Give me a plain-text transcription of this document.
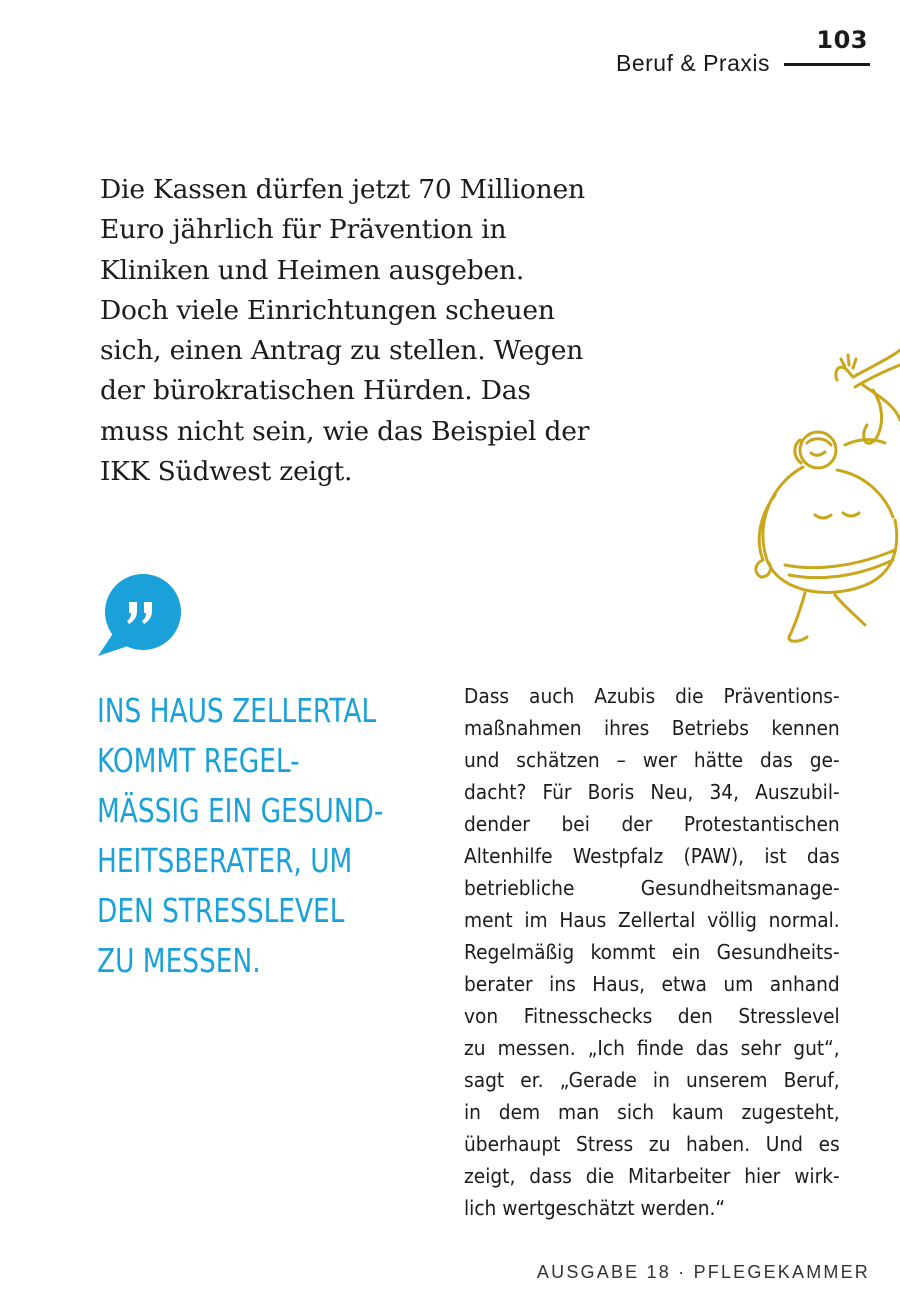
103
Beruf & Praxis

Die Kassen dürfen jetzt 70 Millionen
Euro jährlich für Prävention in
Kliniken und Heimen ausgeben.
Doch viele Einrichtungen scheuen
sich, einen Antrag zu stellen. Wegen
der bürokratischen Hürden. Das
muss nicht sein, wie das Beispiel der
IKK Südwest zeigt.

INS HAUS ZELLERTAL
KOMMT REGEL-
MÄSSIG EIN GESUND-
HEITSBERATER, UM
DEN STRESSLEVEL
ZU MESSEN.

Dass auch Azubis die Präventions-
maßnahmen ihres Betriebs kennen
und schätzen – wer hätte das ge-
dacht? Für Boris Neu, 34, Auszubil-
dender bei der Protestantischen
Altenhilfe Westpfalz (PAW), ist das
betriebliche Gesundheitsmanage-
ment im Haus Zellertal völlig normal.
Regelmäßig kommt ein Gesundheits-
berater ins Haus, etwa um anhand
von Fitnesschecks den Stresslevel
zu messen. „Ich finde das sehr gut“,
sagt er. „Gerade in unserem Beruf,
in dem man sich kaum zugesteht,
überhaupt Stress zu haben. Und es
zeigt, dass die Mitarbeiter hier wirk-
lich wertgeschätzt werden.“

AUSGABE 18 · PFLEGEKAMMER
